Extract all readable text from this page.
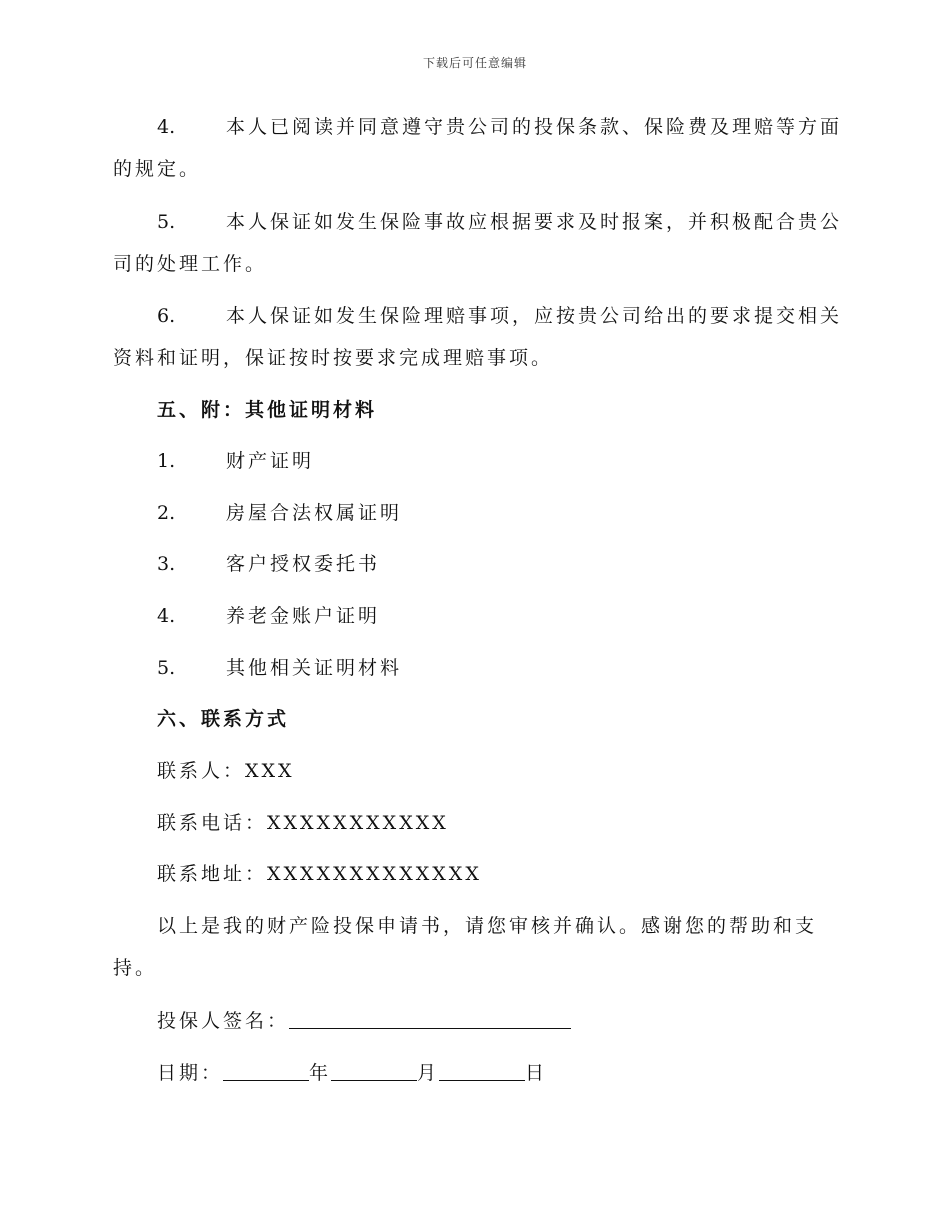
下载后可任意编辑
4.	本人已阅读并同意遵守贵公司的投保条款、保险费及理赔等方面
的规定。
5.	本人保证如发生保险事故应根据要求及时报案，并积极配合贵公
司的处理工作。
6.	本人保证如发生保险理赔事项，应按贵公司给出的要求提交相关
资料和证明，保证按时按要求完成理赔事项。
五、附：其他证明材料
1.	财产证明
2.	房屋合法权属证明
3.	客户授权委托书
4.	养老金账户证明
5.	其他相关证明材料
六、联系方式
联系人：XXX
联系电话：XXXXXXXXXXX
联系地址：XXXXXXXXXXXXX
以上是我的财产险投保申请书，请您审核并确认。感谢您的帮助和支
持。
投保人签名：
日期：	年	月	日
